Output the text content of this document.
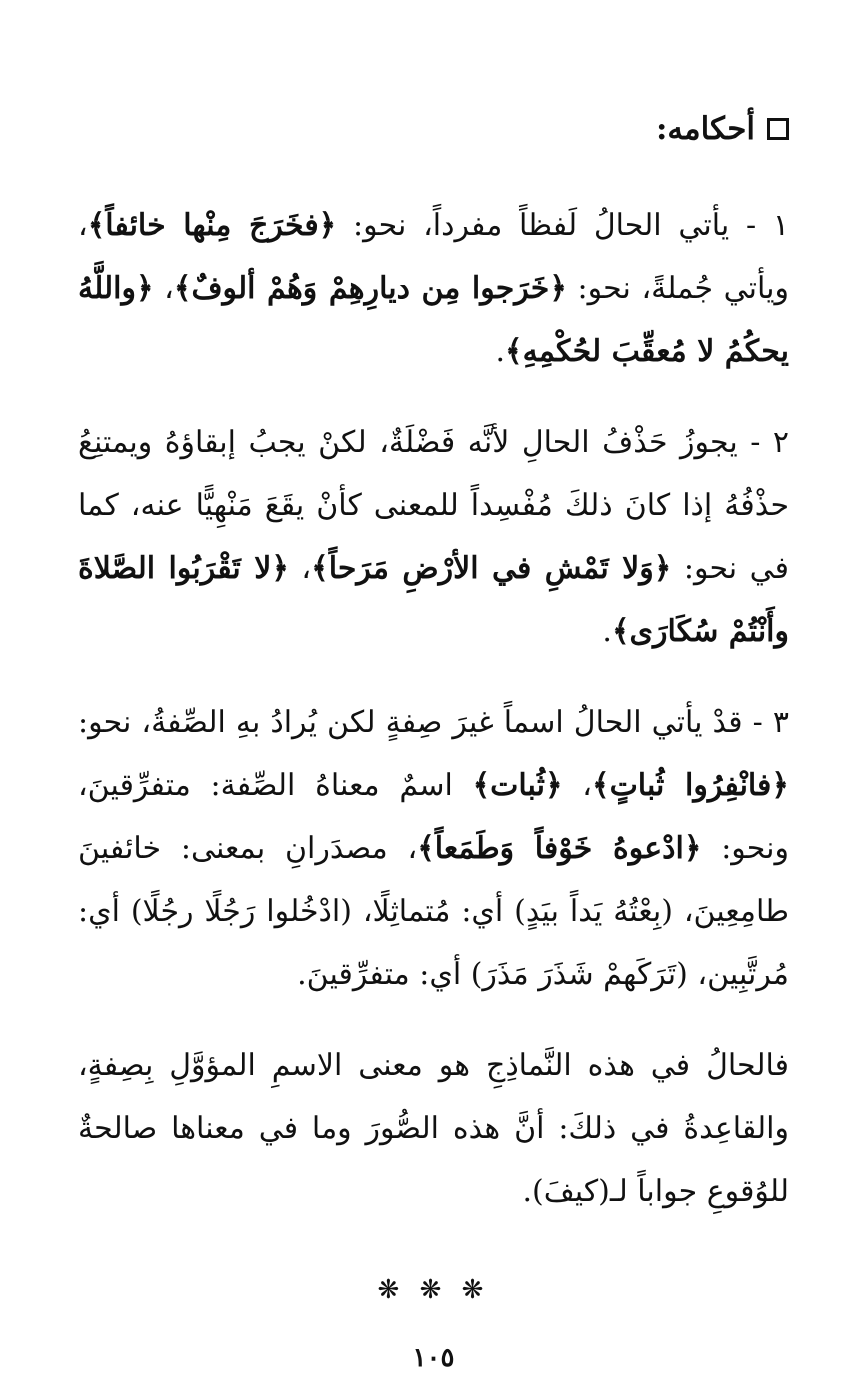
أحكامه:

١ - يأتي الحالُ لَفظاً مفرداً، نحو: ﴿فخَرَجَ مِنْها خائفاً﴾، ويأتي جُملةً، نحو: ﴿خَرَجوا مِن ديارِهِمْ وَهُمْ ألوفٌ﴾، ﴿واللَّهُ يحكُمُ لا مُعقِّبَ لحُكْمِهِ﴾.

٢ - يجوزُ حَذْفُ الحالِ لأنَّه فَضْلَةٌ، لكنْ يجبُ إبقاؤهُ ويمتنِعُ حذْفُهُ إذا كانَ ذلكَ مُفْسِداً للمعنى كأنْ يقَعَ مَنْهِيًّا عنه، كما في نحو: ﴿وَلا تَمْشِ في الأرْضِ مَرَحاً﴾، ﴿لا تَقْرَبُوا الصَّلاةَ وأَنْتُمْ سُكَارَى﴾.

٣ - قدْ يأتي الحالُ اسماً غيرَ صِفةٍ لكن يُرادُ بهِ الصِّفةُ، نحو: ﴿فانْفِرُوا ثُباتٍ﴾، ﴿ثُبات﴾ اسمٌ معناهُ الصِّفة: متفرِّقينَ، ونحو: ﴿ادْعوهُ خَوْفاً وَطَمَعاً﴾، مصدَرانِ بمعنى: خائفينَ طامِعِينَ، (بِعْتُهُ يَداً بيَدٍ) أي: مُتماثِلًا، (ادْخُلوا رَجُلًا رجُلًا) أي: مُرتَّبِين، (تَرَكَهمْ شَذَرَ مَذَرَ) أي: متفرِّقينَ.

فالحالُ في هذه النَّماذِجِ هو معنى الاسمِ المؤوَّلِ بِصِفةٍ، والقاعِدةُ في ذلكَ: أنَّ هذه الصُّورَ وما في معناها صالحةٌ للوُقوعِ جواباً لـ(كيفَ).

❋ ❋ ❋
١٠٥
